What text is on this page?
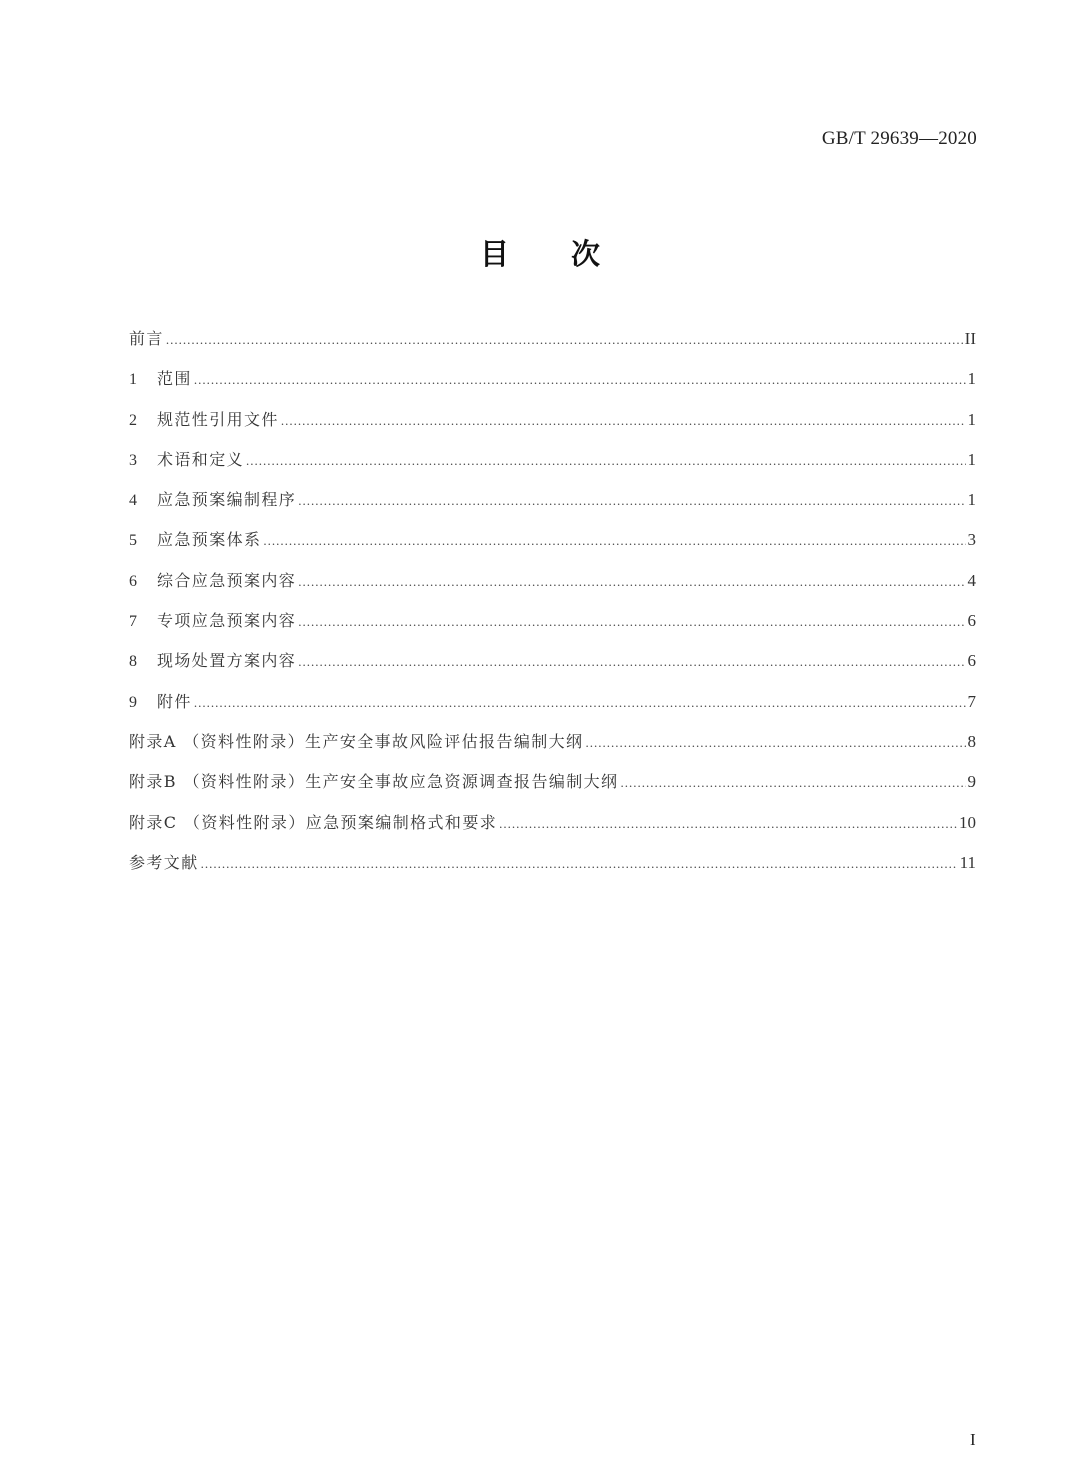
GB/T 29639—2020
目 次
前言 .....	II
1	范围 .....	1
2	规范性引用文件 .....	1
3	术语和定义 .....	1
4	应急预案编制程序 .....	1
5	应急预案体系 .....	3
6	综合应急预案内容 .....	4
7	专项应急预案内容 .....	6
8	现场处置方案内容 .....	6
9	附件 .....	7
附录A （资料性附录）生产安全事故风险评估报告编制大纲 .....	8
附录B （资料性附录）生产安全事故应急资源调查报告编制大纲 .....	9
附录C （资料性附录）应急预案编制格式和要求 .....	10
参考文献 .....	11
I
